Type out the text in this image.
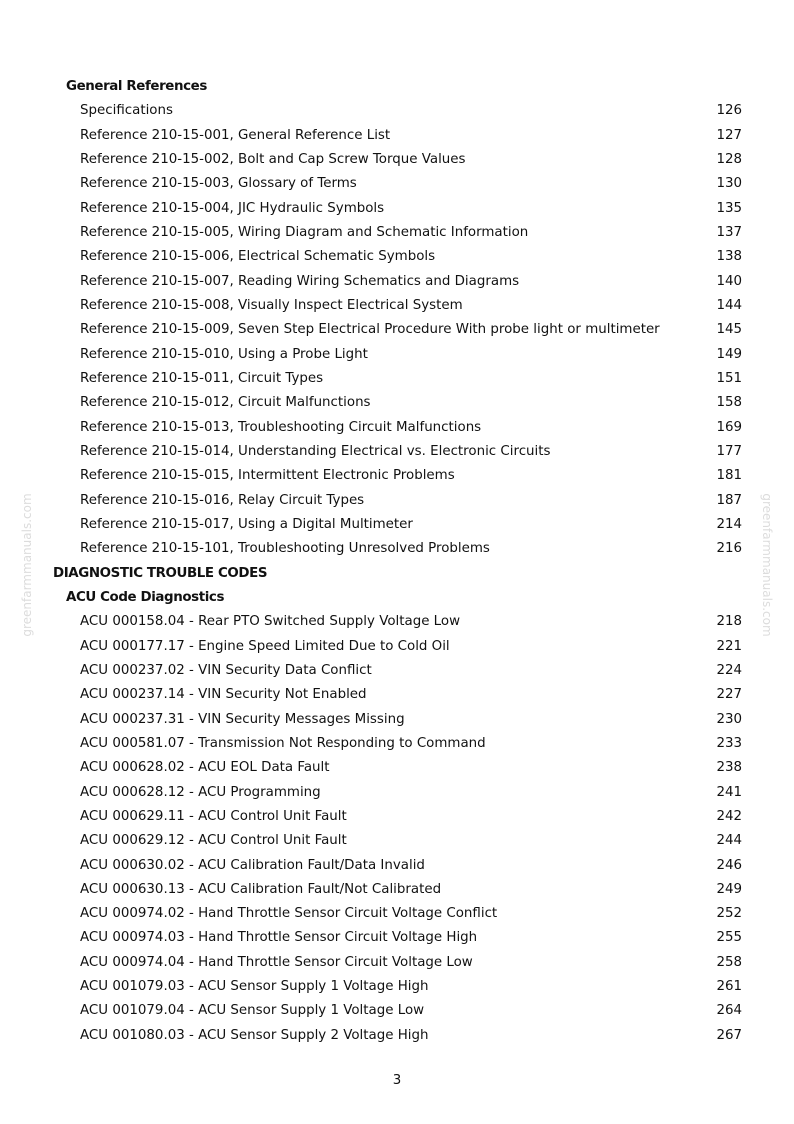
greenfarmmanuals.com	greenfarmmanuals.com
General References
Specifications	126
Reference 210-15-001, General Reference List	127
Reference 210-15-002, Bolt and Cap Screw Torque Values	128
Reference 210-15-003, Glossary of Terms	130
Reference 210-15-004, JIC Hydraulic Symbols	135
Reference 210-15-005, Wiring Diagram and Schematic Information	137
Reference 210-15-006, Electrical Schematic Symbols	138
Reference 210-15-007, Reading Wiring Schematics and Diagrams	140
Reference 210-15-008, Visually Inspect Electrical System	144
Reference 210-15-009, Seven Step Electrical Procedure With probe light or multimeter	145
Reference 210-15-010, Using a Probe Light	149
Reference 210-15-011, Circuit Types	151
Reference 210-15-012, Circuit Malfunctions	158
Reference 210-15-013, Troubleshooting Circuit Malfunctions	169
Reference 210-15-014, Understanding Electrical vs. Electronic Circuits	177
Reference 210-15-015, Intermittent Electronic Problems	181
Reference 210-15-016, Relay Circuit Types	187
Reference 210-15-017, Using a Digital Multimeter	214
Reference 210-15-101, Troubleshooting Unresolved Problems	216
DIAGNOSTIC TROUBLE CODES
ACU Code Diagnostics
ACU 000158.04 - Rear PTO Switched Supply Voltage Low	218
ACU 000177.17 - Engine Speed Limited Due to Cold Oil	221
ACU 000237.02 - VIN Security Data Conflict	224
ACU 000237.14 - VIN Security Not Enabled	227
ACU 000237.31 - VIN Security Messages Missing	230
ACU 000581.07 - Transmission Not Responding to Command	233
ACU 000628.02 - ACU EOL Data Fault	238
ACU 000628.12 - ACU Programming	241
ACU 000629.11 - ACU Control Unit Fault	242
ACU 000629.12 - ACU Control Unit Fault	244
ACU 000630.02 - ACU Calibration Fault/Data Invalid	246
ACU 000630.13 - ACU Calibration Fault/Not Calibrated	249
ACU 000974.02 - Hand Throttle Sensor Circuit Voltage Conflict	252
ACU 000974.03 - Hand Throttle Sensor Circuit Voltage High	255
ACU 000974.04 - Hand Throttle Sensor Circuit Voltage Low	258
ACU 001079.03 - ACU Sensor Supply 1 Voltage High	261
ACU 001079.04 - ACU Sensor Supply 1 Voltage Low	264
ACU 001080.03 - ACU Sensor Supply 2 Voltage High	267
3
